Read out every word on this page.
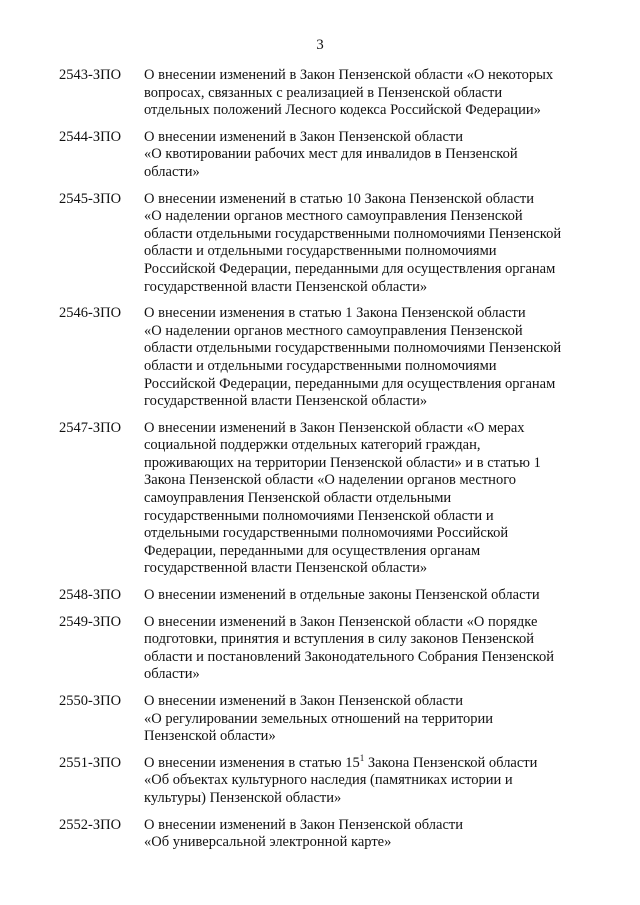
3
2543-ЗПО	О внесении изменений в Закон Пензенской области «О некоторых
вопросах, связанных с реализацией в Пензенской области
отдельных положений Лесного кодекса Российской Федерации»
2544-ЗПО	О внесении изменений в Закон Пензенской области
«О квотировании рабочих мест для инвалидов в Пензенской
области»
2545-ЗПО	О внесении изменений в статью 10 Закона Пензенской области
«О наделении органов местного самоуправления Пензенской
области отдельными государственными полномочиями Пензенской
области и отдельными государственными полномочиями
Российской Федерации, переданными для осуществления органам
государственной власти Пензенской области»
2546-ЗПО	О внесении изменения в статью 1 Закона Пензенской области
«О наделении органов местного самоуправления Пензенской
области отдельными государственными полномочиями Пензенской
области и отдельными государственными полномочиями
Российской Федерации, переданными для осуществления органам
государственной власти Пензенской области»
2547-ЗПО	О внесении изменений в Закон Пензенской области «О мерах
социальной поддержки отдельных категорий граждан,
проживающих на территории Пензенской области» и в статью 1
Закона Пензенской области «О наделении органов местного
самоуправления Пензенской области отдельными
государственными полномочиями Пензенской области и
отдельными государственными полномочиями Российской
Федерации, переданными для осуществления органам
государственной власти Пензенской области»
2548-ЗПО	О внесении изменений в отдельные законы Пензенской области
2549-ЗПО	О внесении изменений в Закон Пензенской области «О порядке
подготовки, принятия и вступления в силу законов Пензенской
области и постановлений Законодательного Собрания Пензенской
области»
2550-ЗПО	О внесении изменений в Закон Пензенской области
«О регулировании земельных отношений на территории
Пензенской области»
2551-ЗПО	О внесении изменения в статью $15^1$ Закона Пензенской области
«Об объектах культурного наследия (памятниках истории и
культуры) Пензенской области»
2552-ЗПО	О внесении изменений в Закон Пензенской области
«Об универсальной электронной карте»
